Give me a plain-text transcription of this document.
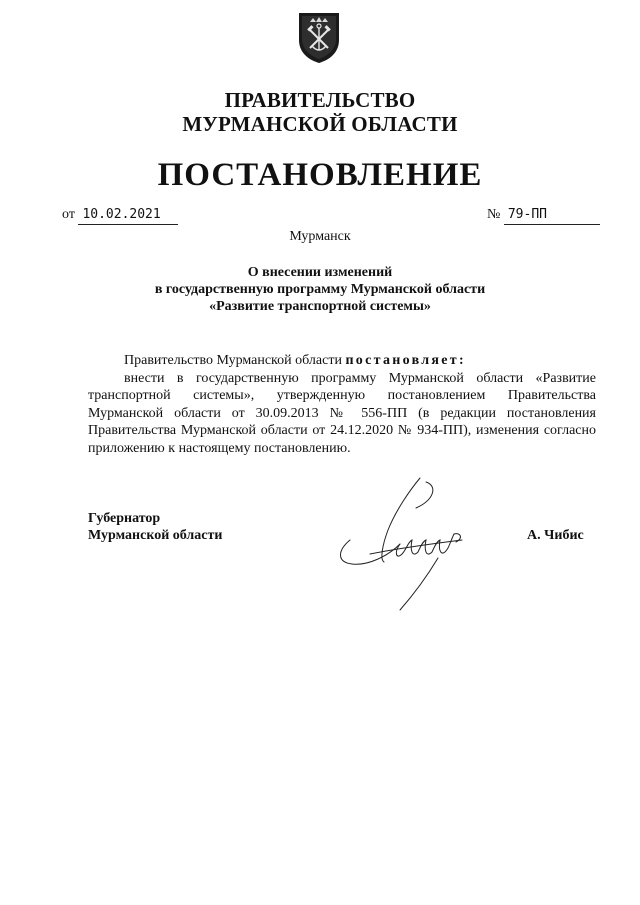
ПРАВИТЕЛЬСТВО
МУРМАНСКОЙ ОБЛАСТИ
ПОСТАНОВЛЕНИЕ
от 10.02.2021	№ 79-ПП
Мурманск
О внесении изменений
в государственную программу Мурманской области
«Развитие транспортной системы»

Правительство Мурманской области постановляет:

внести в государственную программу Мурманской области «Развитие транспортной системы», утвержденную постановлением Правительства Мурманской области от 30.09.2013 № 556-ПП (в редакции постановления Правительства Мурманской области от 24.12.2020 № 934-ПП), изменения согласно приложению к настоящему постановлению.

Губернатор
Мурманской области	А. Чибис
